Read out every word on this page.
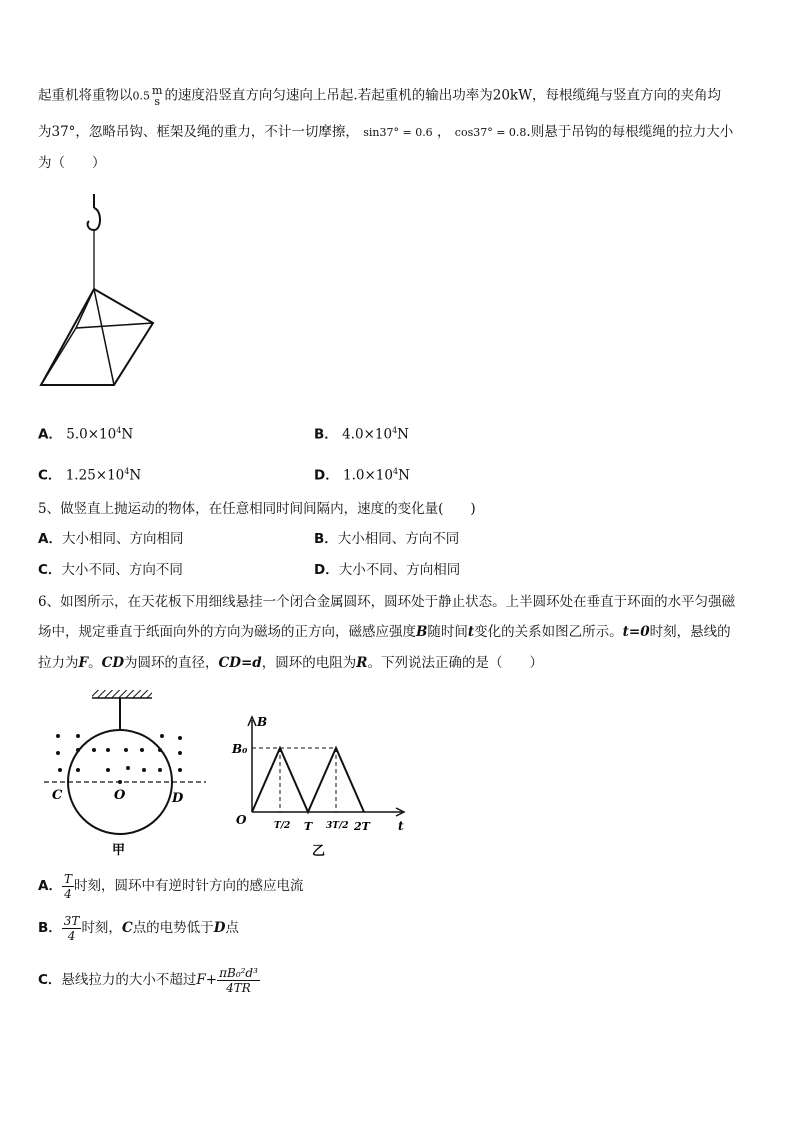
起重机将重物以0.5 m
s 的速度沿竖直方向匀速向上吊起.若起重机的输出功率为20kW，每根缆绳与竖直方向的夹角均
为37°，忽略吊钩、框架及绳的重力，不计一切摩擦， sin37° = 0.6 ， cos37° = 0.8.则悬于吊钩的每根缆绳的拉力大小
为（　　）
A． $5.0\times 10^4N$	B． $4.0\times 10^4N$
C． $1.25\times 10^4N$	D． $1.0\times 10^4N$
5、做竖直上抛运动的物体，在任意相同时间间隔内，速度的变化量(　　)
A．大小相同、方向相同	B．大小相同、方向不同
C．大小不同、方向不同	D．大小不同、方向相同
6、如图所示，在天花板下用细线悬挂一个闭合金属圆环，圆环处于静止状态。上半圆环处在垂直于环面的水平匀强磁
场中，规定垂直于纸面向外的方向为磁场的正方向，磁感应强度B随时间t变化的关系如图乙所示。t=0时刻，悬线的
拉力为F。CD为圆环的直径，CD=d，圆环的电阻为R。下列说法正确的是（　　）
C	O	D
甲
B
B₀
O	t
T/2 T 3T/2 2T
乙
A． $\frac{T}{4}$ 时刻，圆环中有逆时针方向的感应电流
B． $\frac{3T}{4}$ 时刻，C点的电势低于D点
C．悬线拉力的大小不超过$F+ \frac{\text{πB₀²d³}}{4TR}$
